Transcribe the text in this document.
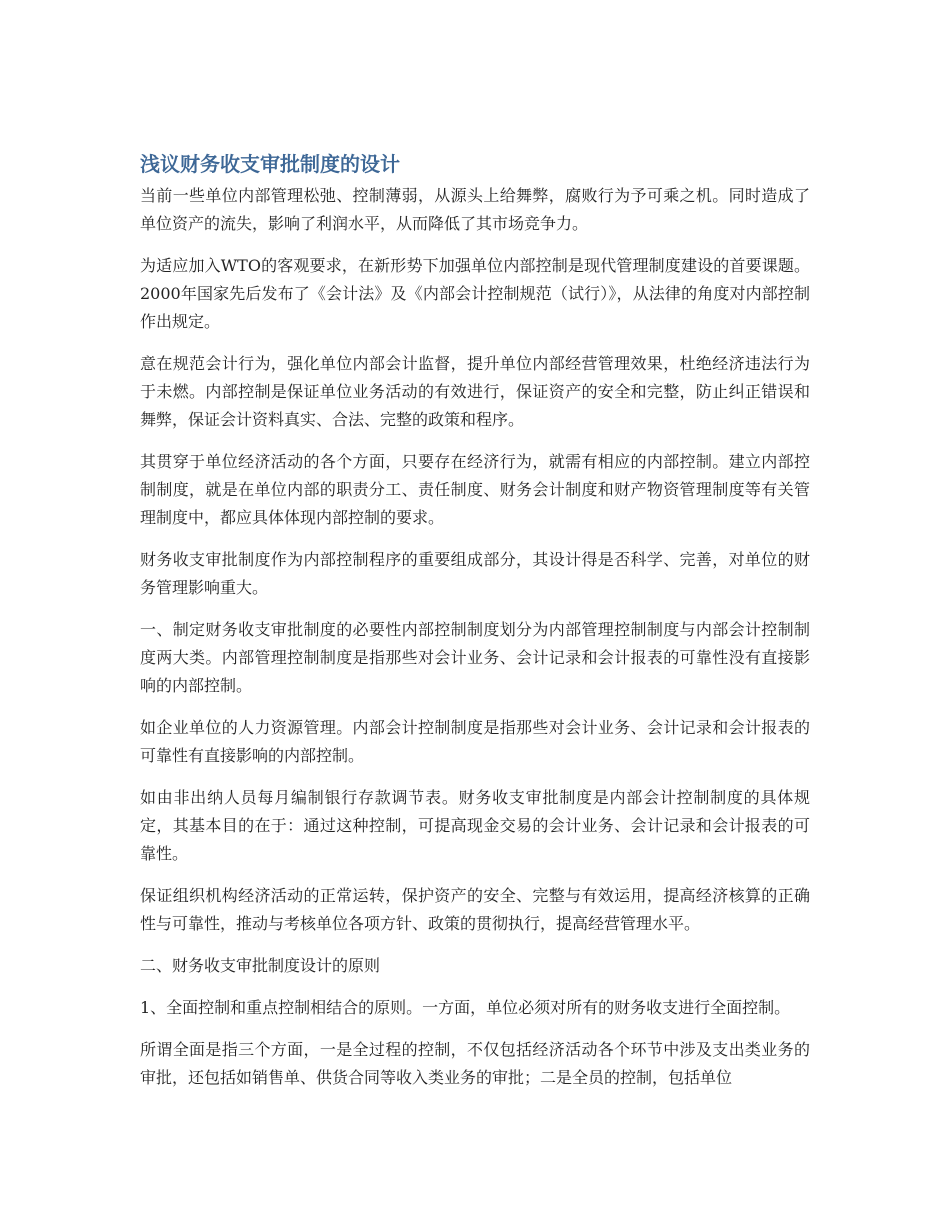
浅议财务收支审批制度的设计

当前一些单位内部管理松弛、控制薄弱，从源头上给舞弊，腐败行为予可乘之机。同时造成了单位资产的流失，影响了利润水平，从而降低了其市场竞争力。

为适应加入WTO的客观要求，在新形势下加强单位内部控制是现代管理制度建设的首要课题。2000年国家先后发布了《会计法》及《内部会计控制规范（试行）》，从法律的角度对内部控制作出规定。

意在规范会计行为，强化单位内部会计监督，提升单位内部经营管理效果，杜绝经济违法行为于未燃。内部控制是保证单位业务活动的有效进行，保证资产的安全和完整，防止纠正错误和舞弊，保证会计资料真实、合法、完整的政策和程序。

其贯穿于单位经济活动的各个方面，只要存在经济行为，就需有相应的内部控制。建立内部控制制度，就是在单位内部的职责分工、责任制度、财务会计制度和财产物资管理制度等有关管理制度中，都应具体体现内部控制的要求。

财务收支审批制度作为内部控制程序的重要组成部分，其设计得是否科学、完善，对单位的财务管理影响重大。

一、制定财务收支审批制度的必要性内部控制制度划分为内部管理控制制度与内部会计控制制度两大类。内部管理控制制度是指那些对会计业务、会计记录和会计报表的可靠性没有直接影响的内部控制。

如企业单位的人力资源管理。内部会计控制制度是指那些对会计业务、会计记录和会计报表的可靠性有直接影响的内部控制。

如由非出纳人员每月编制银行存款调节表。财务收支审批制度是内部会计控制制度的具体规定，其基本目的在于：通过这种控制，可提高现金交易的会计业务、会计记录和会计报表的可靠性。

保证组织机构经济活动的正常运转，保护资产的安全、完整与有效运用，提高经济核算的正确性与可靠性，推动与考核单位各项方针、政策的贯彻执行，提高经营管理水平。

二、财务收支审批制度设计的原则

1、全面控制和重点控制相结合的原则。一方面，单位必须对所有的财务收支进行全面控制。

所谓全面是指三个方面，一是全过程的控制，不仅包括经济活动各个环节中涉及支出类业务的审批，还包括如销售单、供货合同等收入类业务的审批；二是全员的控制，包括单位
